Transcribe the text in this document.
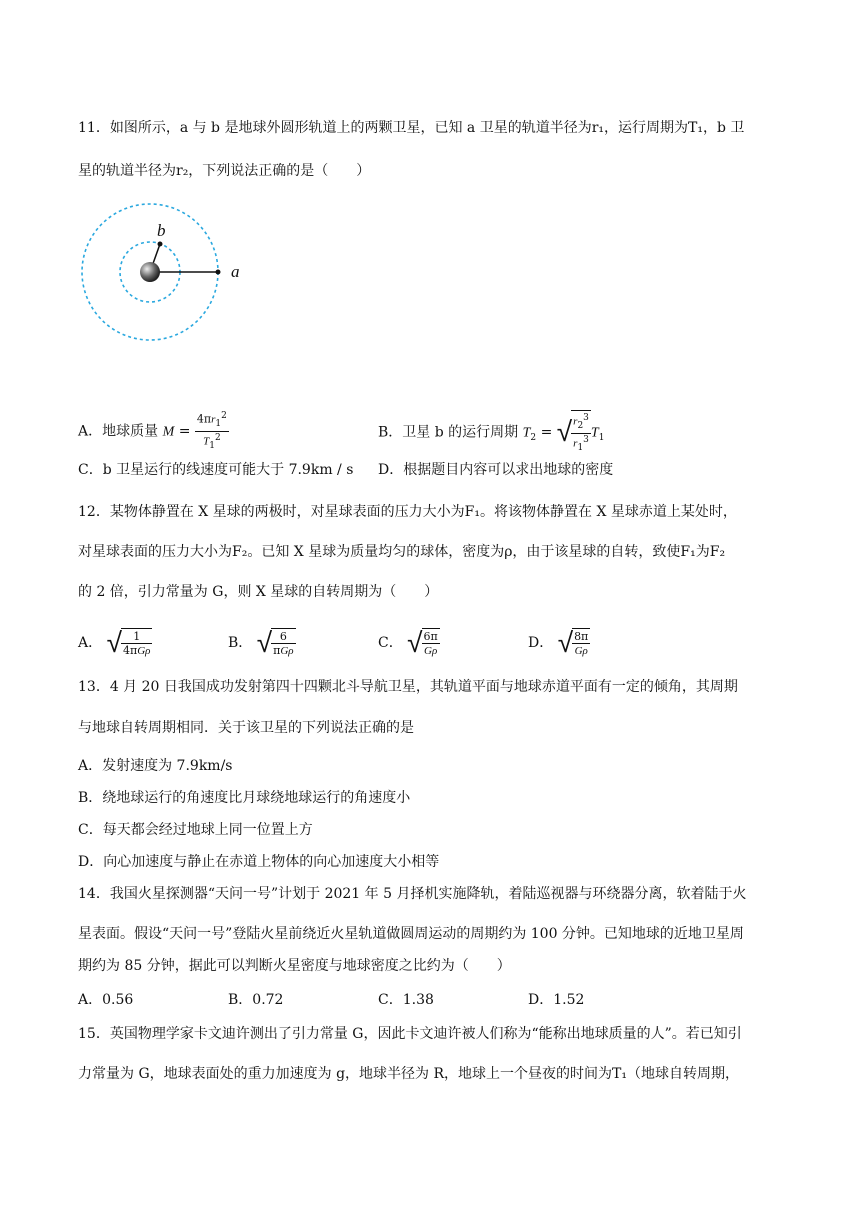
11．如图所示，a 与 b 是地球外圆形轨道上的两颗卫星，已知 a 卫星的轨道半径为r₁，运行周期为T₁，b 卫
星的轨道半径为r₂，下列说法正确的是（　　）
b
a
A．地球质量 $M = \frac{4\pi r_1^2}{T_1^2}$	B．卫星 b 的运行周期 $T_2$ = √ $\frac{r_2^3}{r_1^3} T_1$
C．b 卫星运行的线速度可能大于 7.9km / s D．根据题目内容可以求出地球的密度
12．某物体静置在 X 星球的两极时，对星球表面的压力大小为F₁。将该物体静置在 X 星球赤道上某处时，
对星球表面的压力大小为F₂。已知 X 星球为质量均匀的球体，密度为ρ，由于该星球的自转，致使F₁为F₂
的 2 倍，引力常量为 G，则 X 星球的自转周期为（　　）
A． √ $\frac{1}{\text{4πGρ}}$	B． √ $\frac{6}{\text{πGρ}}$	C． √ $\frac{6\pi}{G\rho}$	D． √ $\frac{8\pi}{G\rho}$
13．4 月 20 日我国成功发射第四十四颗北斗导航卫星，其轨道平面与地球赤道平面有一定的倾角，其周期
与地球自转周期相同．关于该卫星的下列说法正确的是
A．发射速度为 7.9km/s
B．绕地球运行的角速度比月球绕地球运行的角速度小
C．每天都会经过地球上同一位置上方
D．向心加速度与静止在赤道上物体的向心加速度大小相等
14．我国火星探测器“天问一号”计划于 2021 年 5 月择机实施降轨，着陆巡视器与环绕器分离，软着陆于火
星表面。假设“天问一号”登陆火星前绕近火星轨道做圆周运动的周期约为 100 分钟。已知地球的近地卫星周
期约为 85 分钟，据此可以判断火星密度与地球密度之比约为（　　）
A．0.56	B．0.72	C．1.38	D．1.52
15．英国物理学家卡文迪许测出了引力常量 G，因此卡文迪许被人们称为“能称出地球质量的人”。若已知引
力常量为 G，地球表面处的重力加速度为 g，地球半径为 R，地球上一个昼夜的时间为T₁（地球自转周期，
